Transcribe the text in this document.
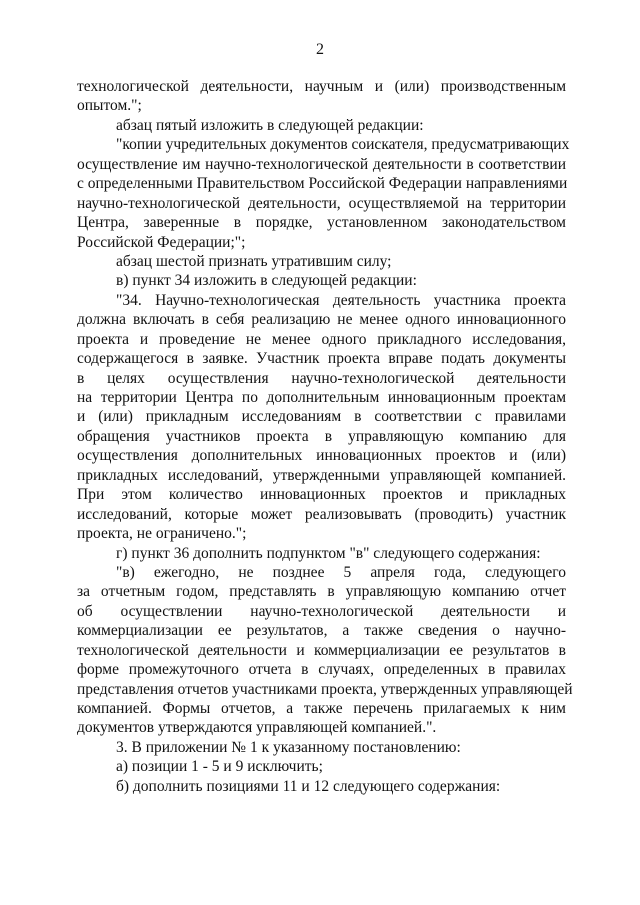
2
технологической деятельности, научным и (или) производственным
опытом.";
абзац пятый изложить в следующей редакции:
"копии учредительных документов соискателя, предусматривающих
осуществление им научно-технологической деятельности в соответствии
с определенными Правительством Российской Федерации направлениями
научно-технологической деятельности, осуществляемой на территории
Центра, заверенные в порядке, установленном законодательством
Российской Федерации;";
абзац шестой признать утратившим силу;
в) пункт 34 изложить в следующей редакции:
"34. Научно-технологическая деятельность участника проекта
должна включать в себя реализацию не менее одного инновационного
проекта и проведение не менее одного прикладного исследования,
содержащегося в заявке. Участник проекта вправе подать документы
в целях осуществления научно-технологической деятельности
на территории Центра по дополнительным инновационным проектам
и (или) прикладным исследованиям в соответствии с правилами
обращения участников проекта в управляющую компанию для
осуществления дополнительных инновационных проектов и (или)
прикладных исследований, утвержденными управляющей компанией.
При этом количество инновационных проектов и прикладных
исследований, которые может реализовывать (проводить) участник
проекта, не ограничено.";
г) пункт 36 дополнить подпунктом "в" следующего содержания:
"в) ежегодно, не позднее 5 апреля года, следующего
за отчетным годом, представлять в управляющую компанию отчет
об осуществлении научно-технологической деятельности и
коммерциализации ее результатов, а также сведения о научно-
технологической деятельности и коммерциализации ее результатов в
форме промежуточного отчета в случаях, определенных в правилах
представления отчетов участниками проекта, утвержденных управляющей
компанией. Формы отчетов, а также перечень прилагаемых к ним
документов утверждаются управляющей компанией.".
3. В приложении № 1 к указанному постановлению:
а) позиции 1 - 5 и 9 исключить;
б) дополнить позициями 11 и 12 следующего содержания:
